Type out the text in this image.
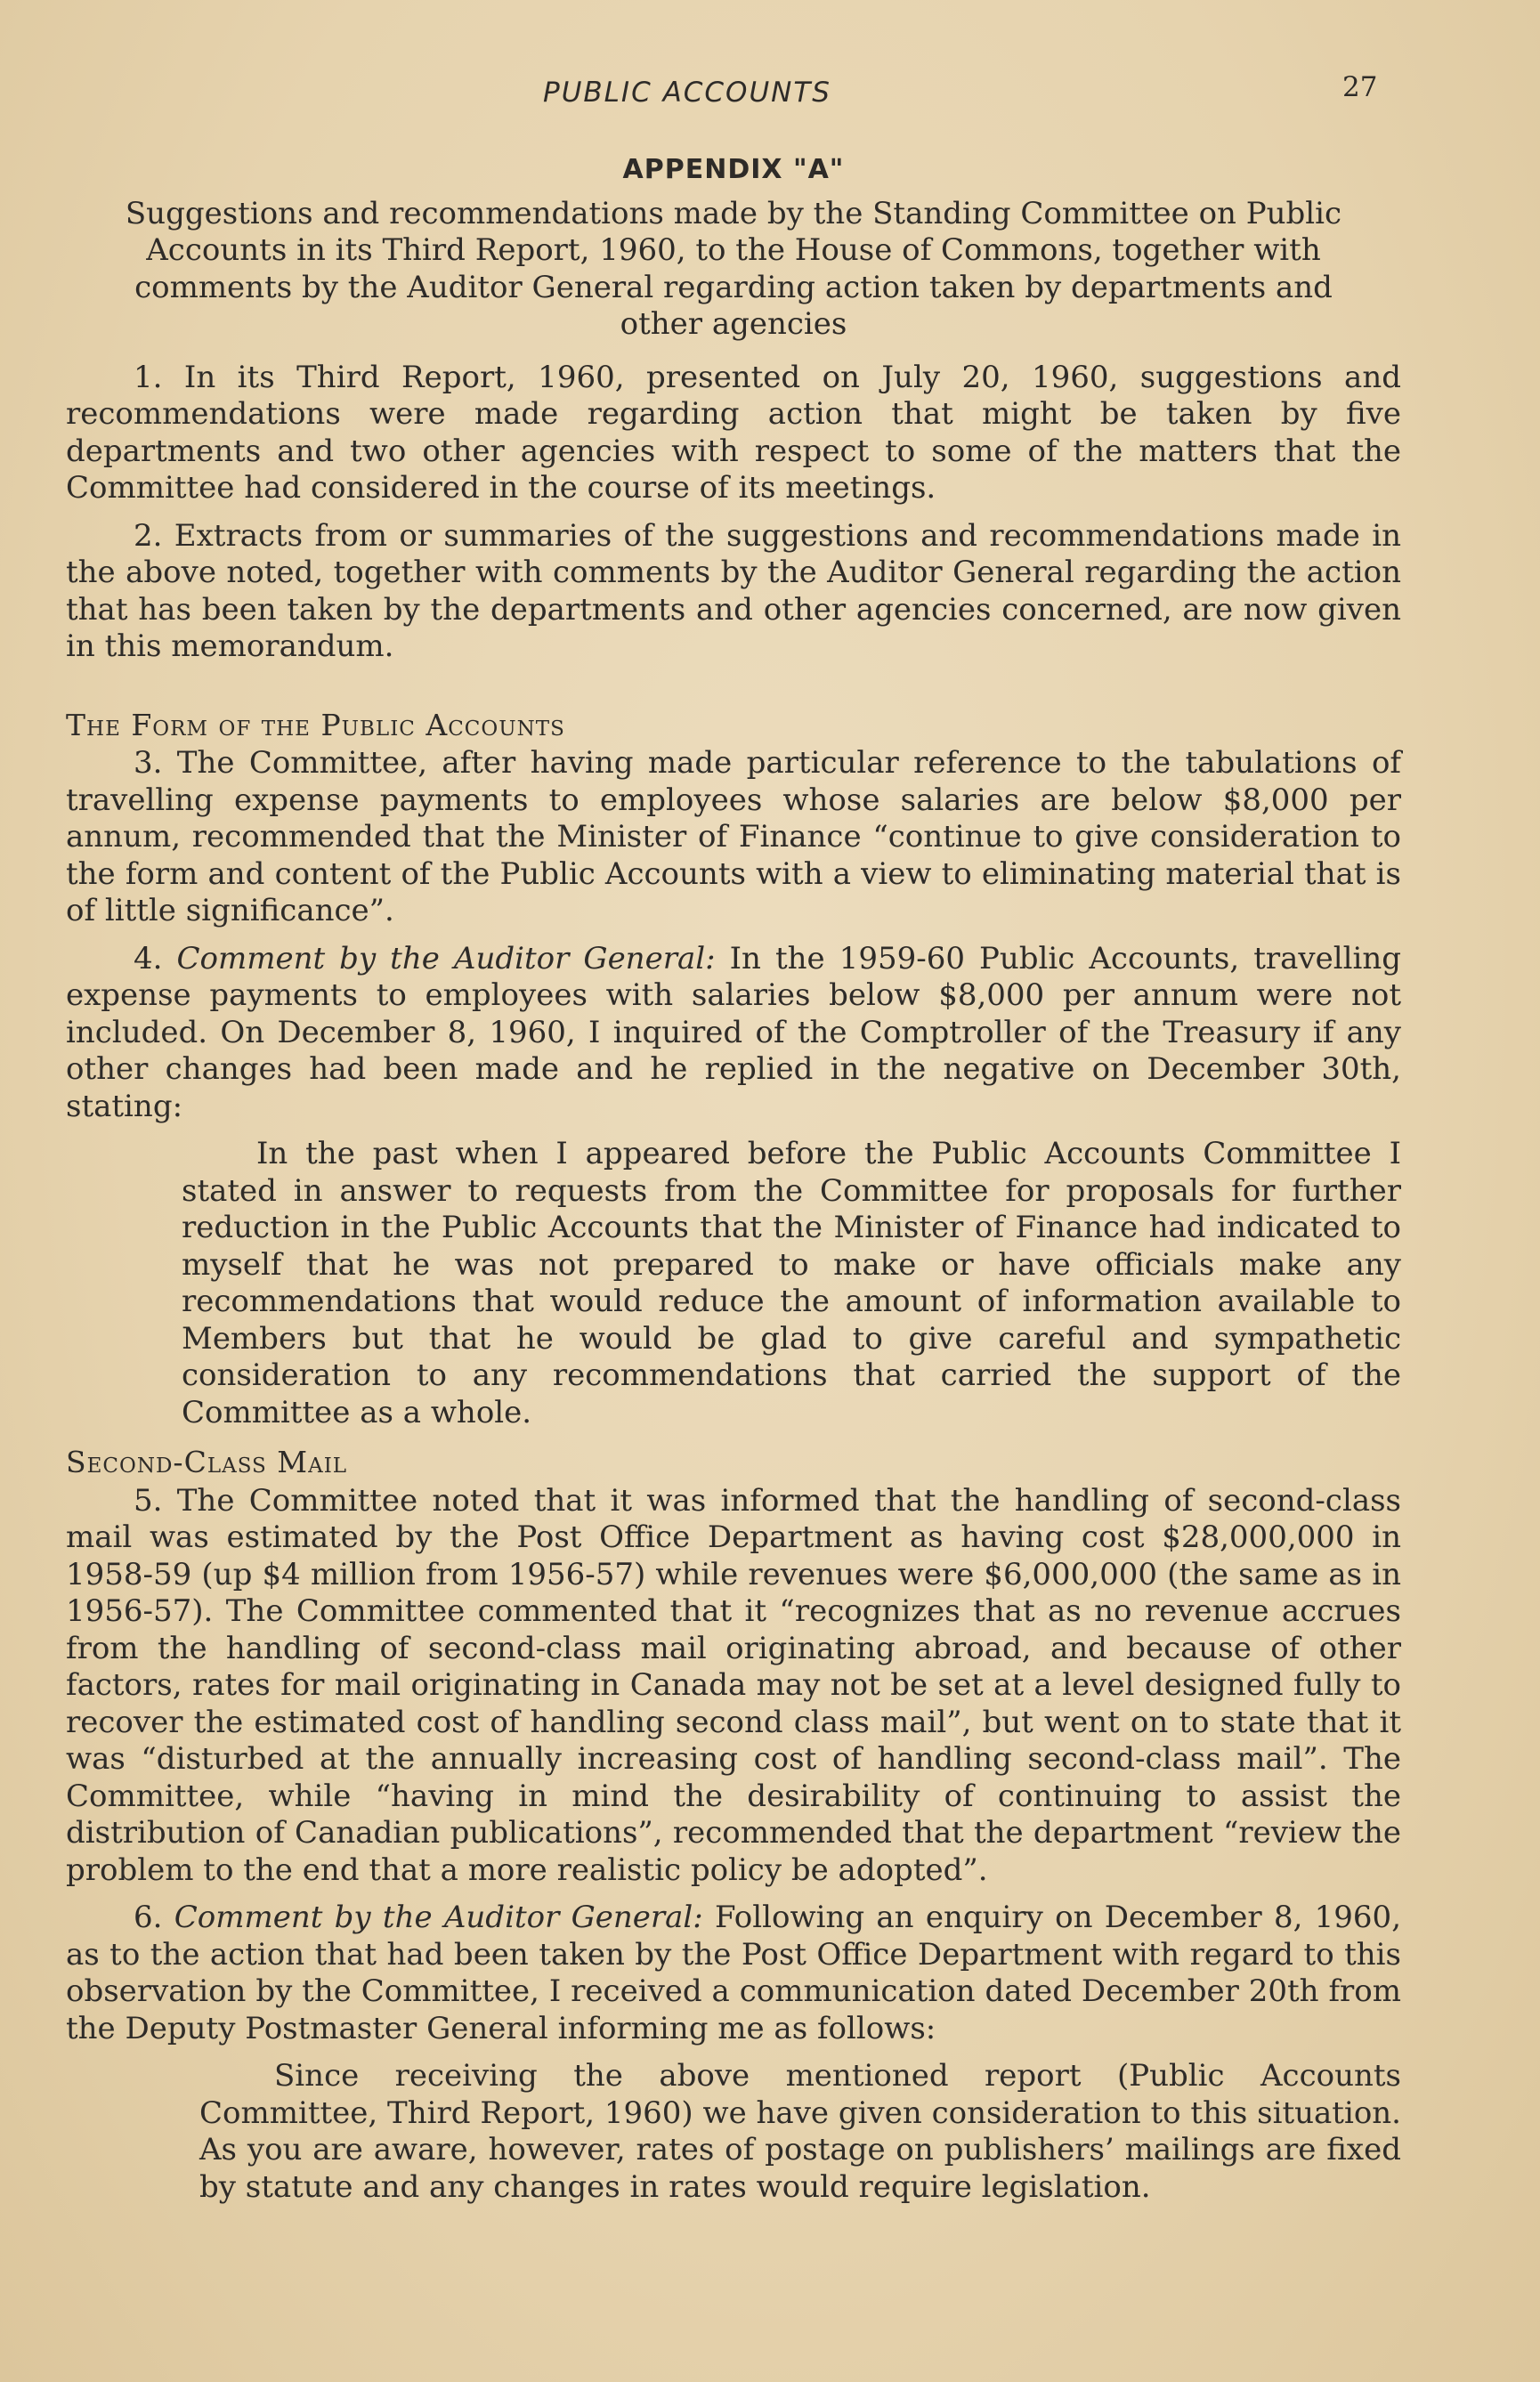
PUBLIC ACCOUNTS	27
APPENDIX "A"
Suggestions and recommendations made by the Standing Committee on Public Accounts in its Third Report, 1960, to the House of Commons, together with comments by the Auditor General regarding action taken by departments and other agencies

1. In its Third Report, 1960, presented on July 20, 1960, suggestions and recommendations were made regarding action that might be taken by five departments and two other agencies with respect to some of the matters that the Committee had considered in the course of its meetings.

2. Extracts from or summaries of the suggestions and recommendations made in the above noted, together with comments by the Auditor General regarding the action that has been taken by the departments and other agencies concerned, are now given in this memorandum.

The Form of the Public Accounts

3. The Committee, after having made particular reference to the tabulations of travelling expense payments to employees whose salaries are below $8,000 per annum, recommended that the Minister of Finance “continue to give consideration to the form and content of the Public Accounts with a view to eliminating material that is of little significance”.

4. Comment by the Auditor General: In the 1959-60 Public Accounts, travelling expense payments to employees with salaries below $8,000 per annum were not included. On December 8, 1960, I inquired of the Comptroller of the Treasury if any other changes had been made and he replied in the negative on December 30th, stating:

In the past when I appeared before the Public Accounts Committee I stated in answer to requests from the Committee for proposals for further reduction in the Public Accounts that the Minister of Finance had indicated to myself that he was not prepared to make or have officials make any recommendations that would reduce the amount of information available to Members but that he would be glad to give careful and sympathetic consideration to any recommendations that carried the support of the Committee as a whole.

Second-Class Mail

5. The Committee noted that it was informed that the handling of second-class mail was estimated by the Post Office Department as having cost $28,000,000 in 1958-59 (up $4 million from 1956-57) while revenues were $6,000,000 (the same as in 1956-57). The Committee commented that it “recognizes that as no revenue accrues from the handling of second-class mail originating abroad, and because of other factors, rates for mail originating in Canada may not be set at a level designed fully to recover the estimated cost of handling second class mail”, but went on to state that it was “disturbed at the annually increasing cost of handling second-class mail”. The Committee, while “having in mind the desirability of continuing to assist the distribution of Canadian publications”, recommended that the department “review the problem to the end that a more realistic policy be adopted”.

6. Comment by the Auditor General: Following an enquiry on December 8, 1960, as to the action that had been taken by the Post Office Department with regard to this observation by the Committee, I received a communication dated December 20th from the Deputy Postmaster General informing me as follows:

Since receiving the above mentioned report (Public Accounts Committee, Third Report, 1960) we have given consideration to this situation. As you are aware, however, rates of postage on publishers’ mailings are fixed by statute and any changes in rates would require legislation.
